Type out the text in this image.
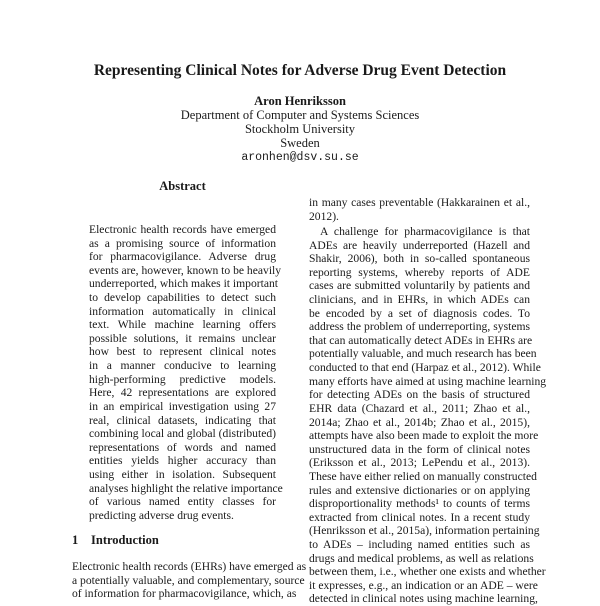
Representing Clinical Notes for Adverse Drug Event Detection
Aron Henriksson
Department of Computer and Systems Sciences
Stockholm University
Sweden
aronhen@dsv.su.se
Abstract
Electronic health records have emerged
as a promising source of information
for pharmacovigilance. Adverse drug
events are, however, known to be heavily
underreported, which makes it important
to develop capabilities to detect such
information automatically in clinical
text. While machine learning offers
possible solutions, it remains unclear
how best to represent clinical notes
in a manner conducive to learning
high-performing predictive models.
Here, 42 representations are explored
in an empirical investigation using 27
real, clinical datasets, indicating that
combining local and global (distributed)
representations of words and named
entities yields higher accuracy than
using either in isolation. Subsequent
analyses highlight the relative importance
of various named entity classes for
predicting adverse drug events.
1 Introduction
Electronic health records (EHRs) have emerged as
a potentially valuable, and complementary, source
of information for pharmacovigilance, which, as
in many cases preventable (Hakkarainen et al.,
2012).
A challenge for pharmacovigilance is that
ADEs are heavily underreported (Hazell and
Shakir, 2006), both in so-called spontaneous
reporting systems, whereby reports of ADE
cases are submitted voluntarily by patients and
clinicians, and in EHRs, in which ADEs can
be encoded by a set of diagnosis codes. To
address the problem of underreporting, systems
that can automatically detect ADEs in EHRs are
potentially valuable, and much research has been
conducted to that end (Harpaz et al., 2012). While
many efforts have aimed at using machine learning
for detecting ADEs on the basis of structured
EHR data (Chazard et al., 2011; Zhao et al.,
2014a; Zhao et al., 2014b; Zhao et al., 2015),
attempts have also been made to exploit the more
unstructured data in the form of clinical notes
(Eriksson et al., 2013; LePendu et al., 2013).
These have either relied on manually constructed
rules and extensive dictionaries or on applying
disproportionality methods¹ to counts of terms
extracted from clinical notes. In a recent study
(Henriksson et al., 2015a), information pertaining
to ADEs – including named entities such as
drugs and medical problems, as well as relations
between them, i.e., whether one exists and whether
it expresses, e.g., an indication or an ADE – were
detected in clinical notes using machine learning,
